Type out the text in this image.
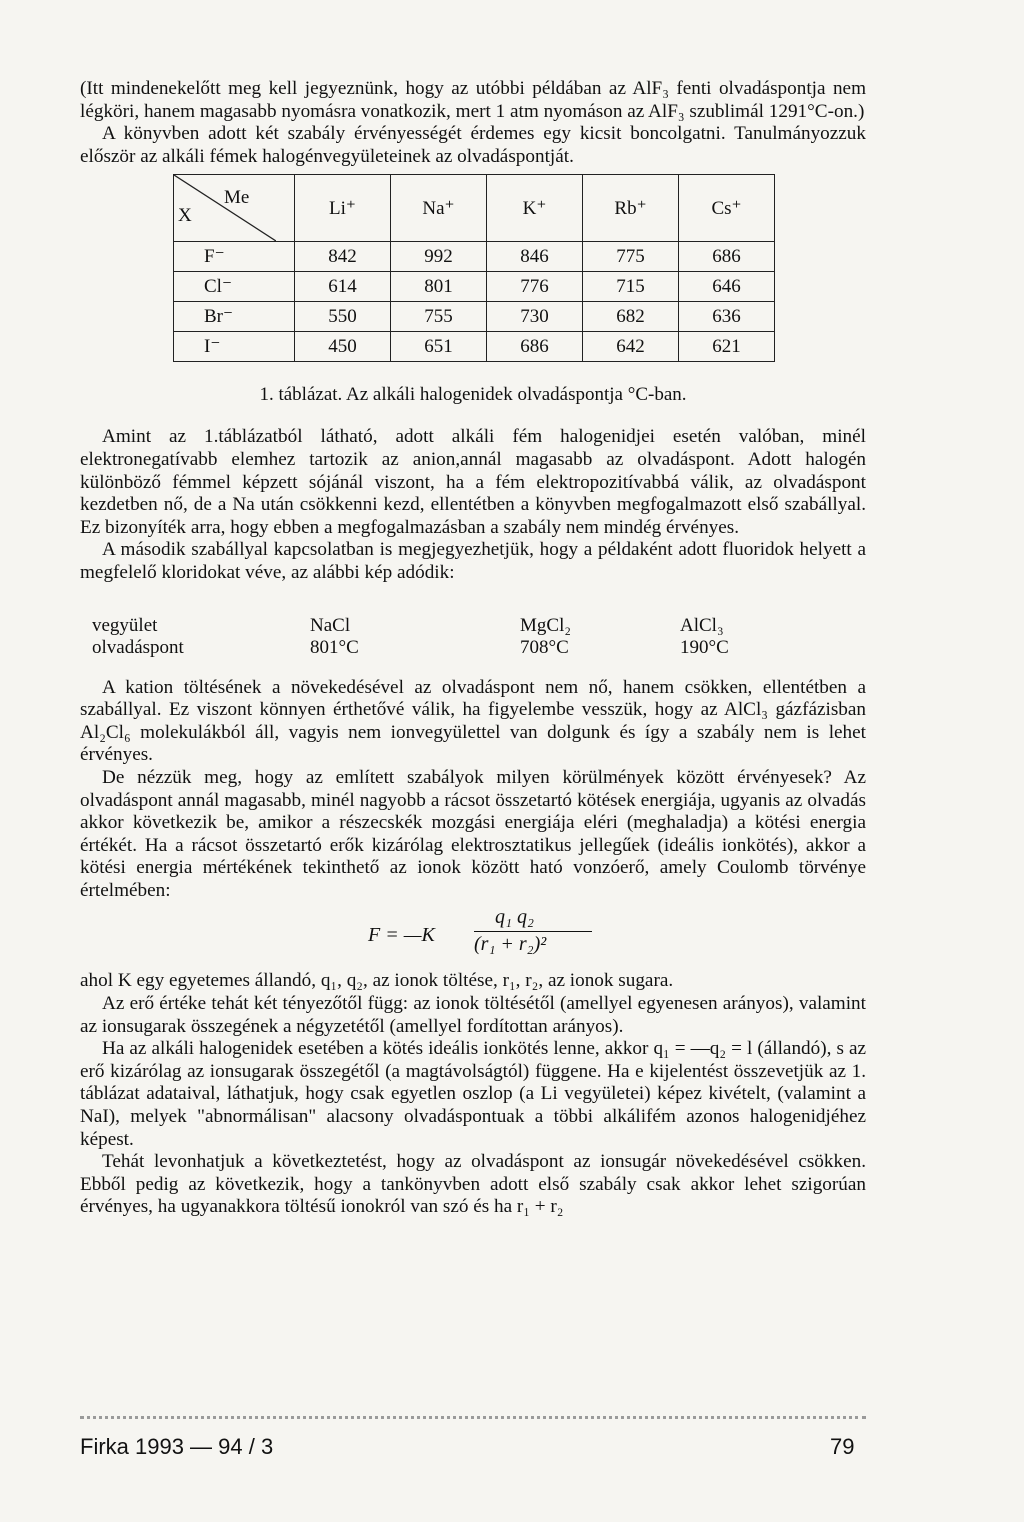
(Itt mindenekelőtt meg kell jegyeznünk, hogy az utóbbi példában az AlF₃ fenti olvadáspontja nem légköri, hanem magasabb nyomásra vonatkozik, mert 1 atm nyomáson az AlF₃ szublimál 1291°C-on.)

A könyvben adott két szabály érvényességét érdemes egy kicsit boncolgatni. Tanulmányozzuk először az alkáli fémek halogénvegyületeinek az olvadáspontját.

Me
X	Li⁺	Na⁺	K⁺	Rb⁺	Cs⁺
F⁻	842	992	846	775	686
Cl⁻	614	801	776	715	646
Br⁻	550	755	730	682	636
I⁻	450	651	686	642	621
1. táblázat. Az alkáli halogenidek olvadáspontja °C-ban.

Amint az 1.táblázatból látható, adott alkáli fém halogenidjei esetén valóban, minél elektronegatívabb elemhez tartozik az anion,annál magasabb az olvadáspont. Adott halogén különböző fémmel képzett sójánál viszont, ha a fém elektropozitívabbá válik, az olvadáspont kezdetben nő, de a Na után csökkenni kezd, ellentétben a könyvben megfogalmazott első szabállyal. Ez bizonyíték arra, hogy ebben a megfogalmazásban a szabály nem mindég érvényes.

A második szabállyal kapcsolatban is megjegyezhetjük, hogy a példaként adott fluoridok helyett a megfelelő kloridokat véve, az alábbi kép adódik:

vegyület	NaCl	MgCl₂	AlCl₃
olvadáspont	801°C	708°C	190°C

A kation töltésének a növekedésével az olvadáspont nem nő, hanem csökken, ellentétben a szabállyal. Ez viszont könnyen érthetővé válik, ha figyelembe vesszük, hogy az AlCl₃ gázfázisban Al₂Cl₆ molekulákból áll, vagyis nem ionvegyülettel van dolgunk és így a szabály nem is lehet érvényes.

De nézzük meg, hogy az említett szabályok milyen körülmények között érvényesek? Az olvadáspont annál magasabb, minél nagyobb a rácsot összetartó kötések energiája, ugyanis az olvadás akkor következik be, amikor a részecskék mozgási energiája eléri (meghaladja) a kötési energia értékét. Ha a rácsot összetartó erők kizárólag elektrosztatikus jellegűek (ideális ionkötés), akkor a kötési energia mértékének tekinthető az ionok között ható vonzóerő, amely Coulomb törvénye értelmében:

F = —K
q₁ q₂
(r₁ + r₂)²

ahol K egy egyetemes állandó, q₁, q₂, az ionok töltése, r₁, r₂, az ionok sugara.

Az erő értéke tehát két tényezőtől függ: az ionok töltésétől (amellyel egyenesen arányos), valamint az ionsugarak összegének a négyzetétől (amellyel fordítottan arányos).

Ha az alkáli halogenidek esetében a kötés ideális ionkötés lenne, akkor q₁ = —q₂ = l (állandó), s az erő kizárólag az ionsugarak összegétől (a magtávolságtól) függene. Ha e kijelentést összevetjük az 1. táblázat adataival, láthatjuk, hogy csak egyetlen oszlop (a Li vegyületei) képez kivételt, (valamint a NaI), melyek "abnormálisan" alacsony olvadáspontuak a többi alkálifém azonos halogenidjéhez képest.

Tehát levonhatjuk a következtetést, hogy az olvadáspont az ionsugár növekedésével csökken. Ebből pedig az következik, hogy a tankönyvben adott első szabály csak akkor lehet szigorúan érvényes, ha ugyanakkora töltésű ionokról van szó és ha r₁ + r₂

Firka 1993 — 94 / 3	79
